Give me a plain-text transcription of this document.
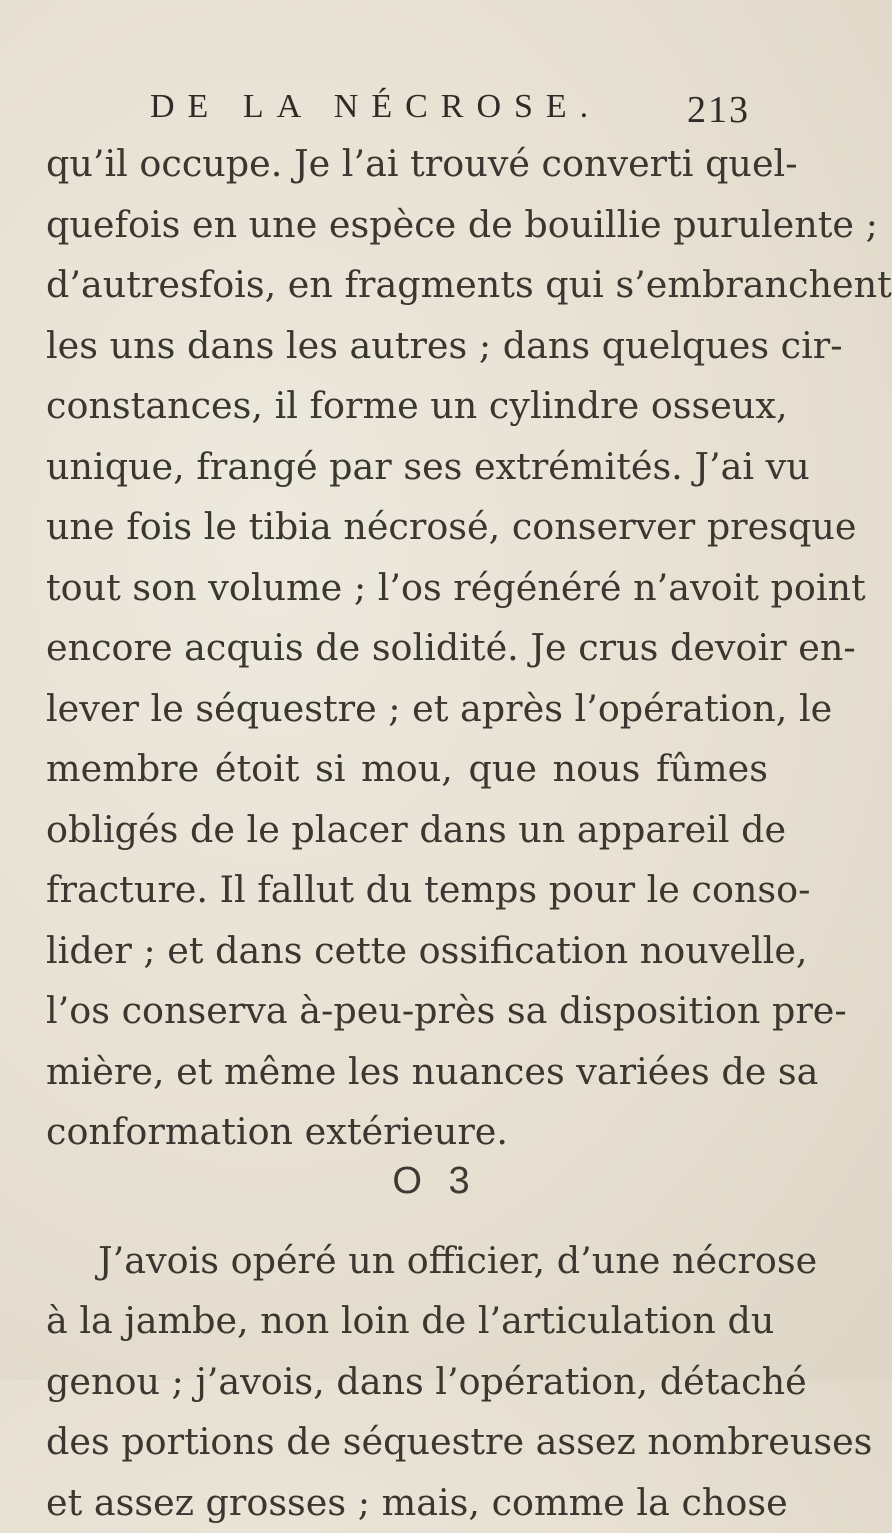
DE LA NÉCROSE.	213
qu’il occupe. Je l’ai trouvé converti quel-
quefois en une espèce de bouillie purulente ;
d’autresfois, en fragments qui s’embranchent
les uns dans les autres ; dans quelques cir-
constances, il forme un cylindre osseux,
unique, frangé par ses extrémités. J’ai vu
une fois le tibia nécrosé, conserver presque
tout son volume ; l’os régénéré n’avoit point
encore acquis de solidité. Je crus devoir en-
lever le séquestre ; et après l’opération, le
membre étoit si mou, que nous fûmes
obligés de le placer dans un appareil de
fracture. Il fallut du temps pour le conso-
lider ; et dans cette ossification nouvelle,
l’os conserva à-peu-près sa disposition pre-
mière, et même les nuances variées de sa
conformation extérieure.
J’avois opéré un officier, d’une nécrose
à la jambe, non loin de l’articulation du
genou ; j’avois, dans l’opération, détaché
des portions de séquestre assez nombreuses
et assez grosses ; mais, comme la chose
O 3
